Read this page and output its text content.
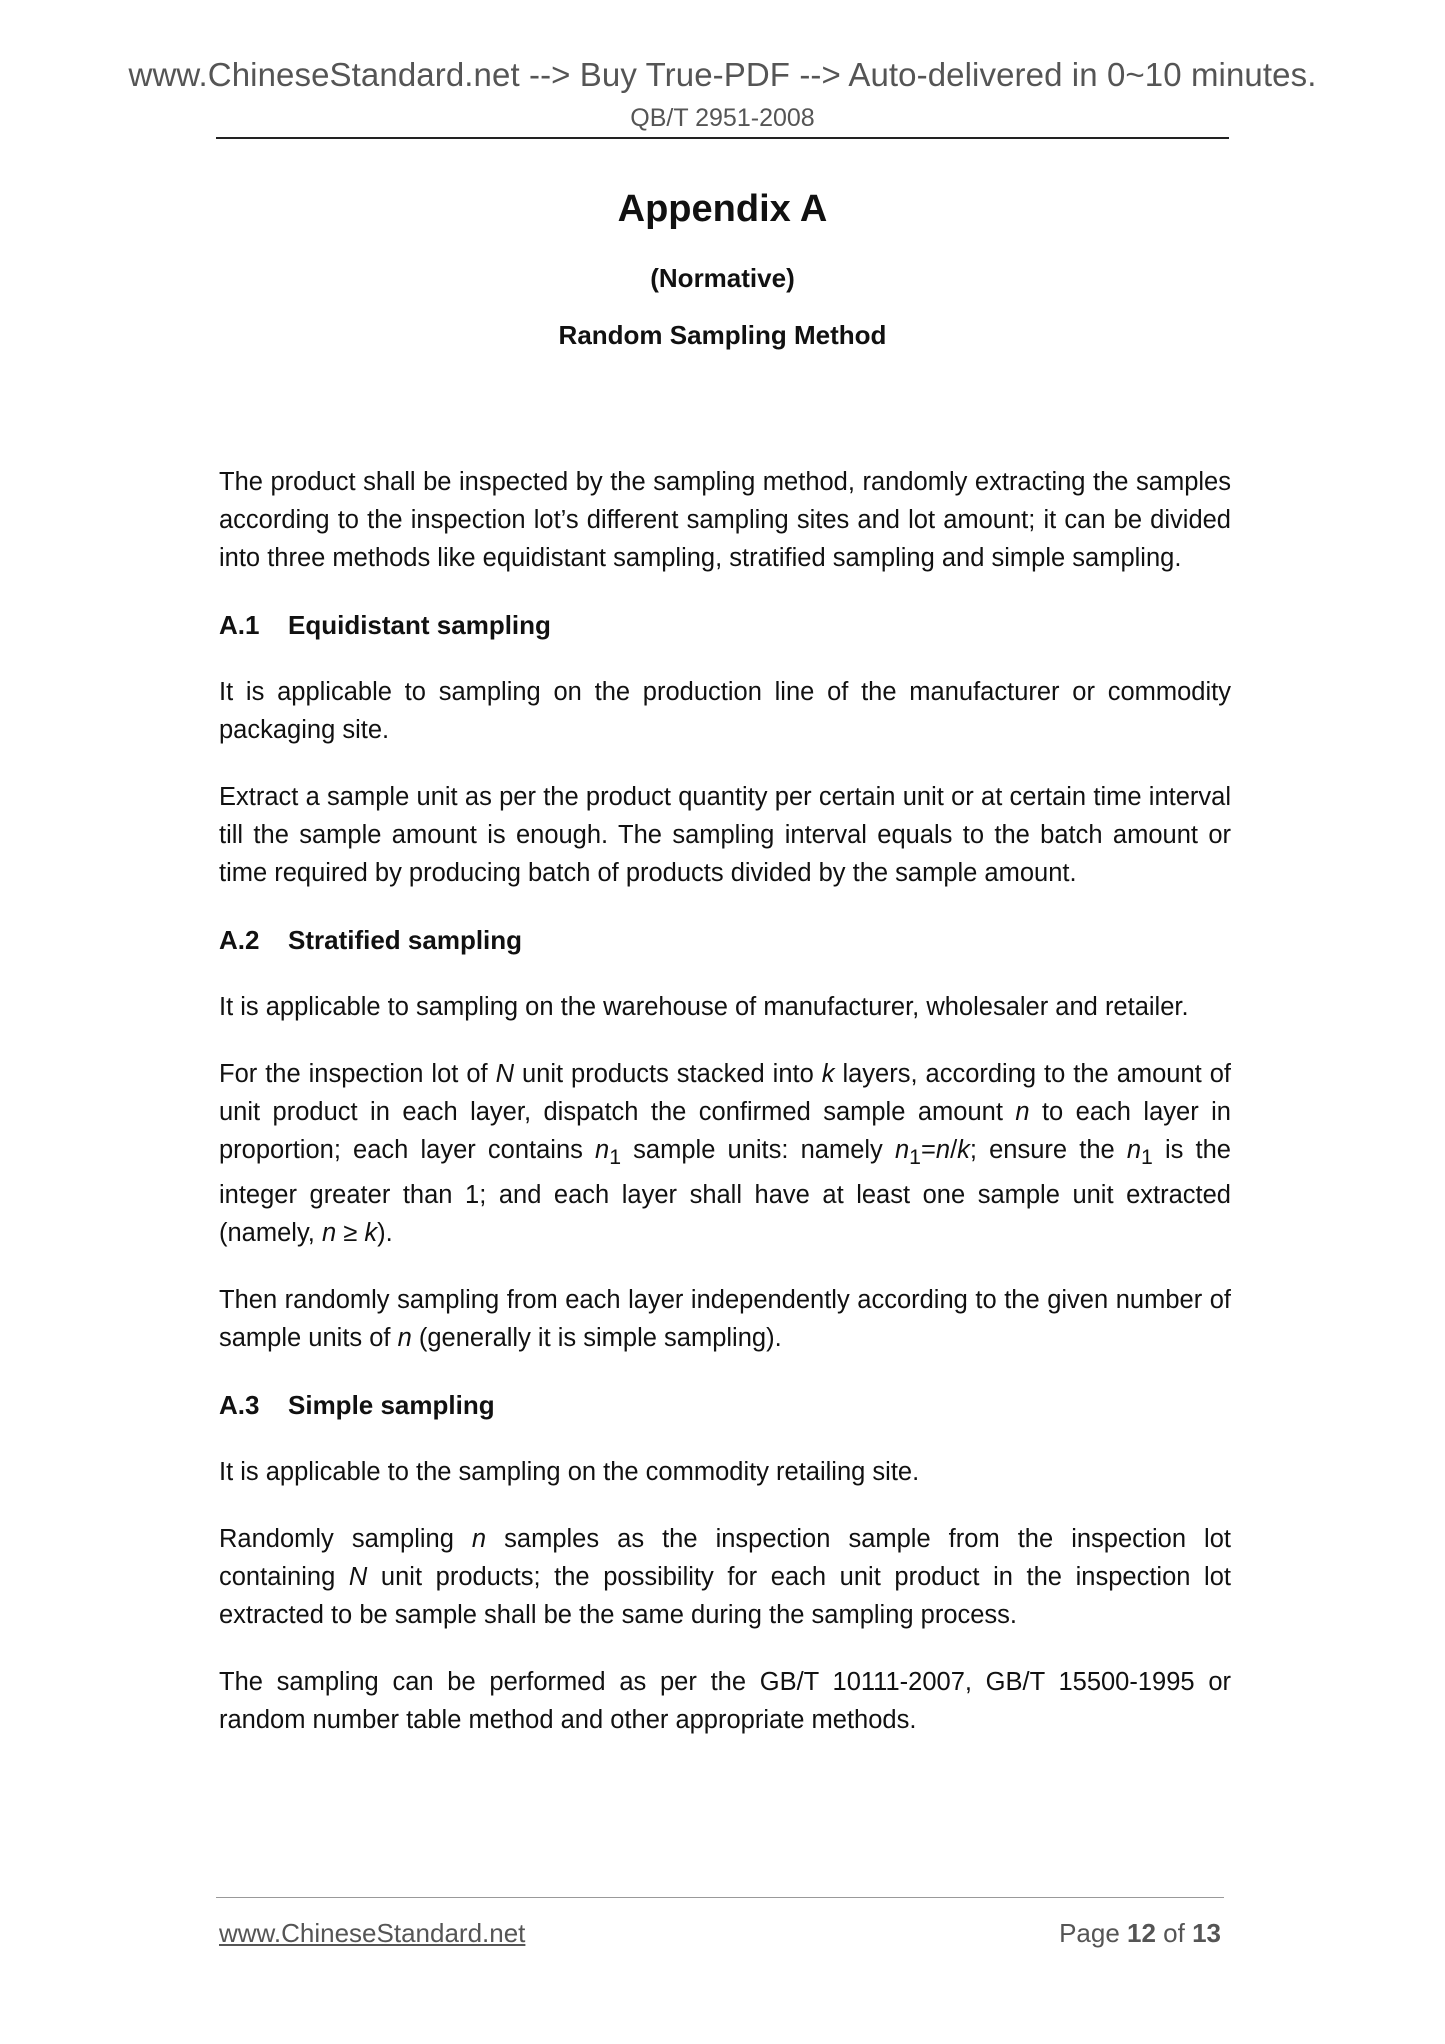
www.ChineseStandard.net --> Buy True-PDF --> Auto-delivered in 0~10 minutes.
QB/T 2951-2008
Appendix A
(Normative)
Random Sampling Method

The product shall be inspected by the sampling method, randomly extracting the samples according to the inspection lot’s different sampling sites and lot amount; it can be divided into three methods like equidistant sampling, stratified sampling and simple sampling.

A.1 Equidistant sampling

It is applicable to sampling on the production line of the manufacturer or commodity packaging site.

Extract a sample unit as per the product quantity per certain unit or at certain time interval till the sample amount is enough. The sampling interval equals to the batch amount or time required by producing batch of products divided by the sample amount.

A.2 Stratified sampling

It is applicable to sampling on the warehouse of manufacturer, wholesaler and retailer.

For the inspection lot of N unit products stacked into k layers, according to the amount of unit product in each layer, dispatch the confirmed sample amount n to each layer in proportion; each layer contains $n_1$ sample units: namely $n_1=n/k$; ensure the $n_1$ is the integer greater than 1; and each layer shall have at least one sample unit extracted (namely, n ≥ k).

Then randomly sampling from each layer independently according to the given number of sample units of n (generally it is simple sampling).

A.3 Simple sampling

It is applicable to the sampling on the commodity retailing site.

Randomly sampling n samples as the inspection sample from the inspection lot containing N unit products; the possibility for each unit product in the inspection lot extracted to be sample shall be the same during the sampling process.

The sampling can be performed as per the GB/T 10111-2007, GB/T 15500-1995 or random number table method and other appropriate methods.

www.ChineseStandard.net	Page 12 of 13
